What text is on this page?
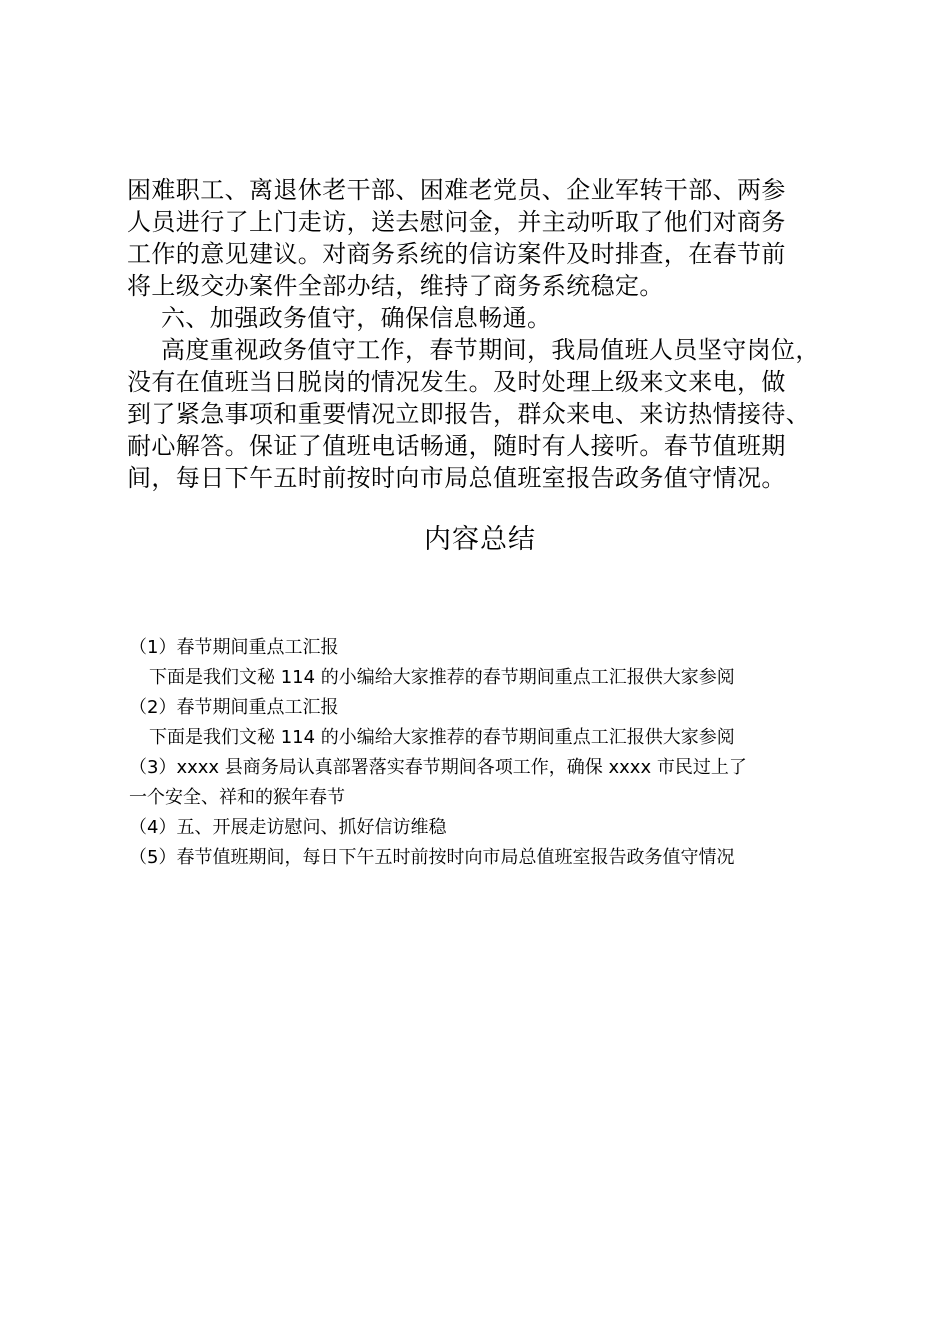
困难职工、离退休老干部、困难老党员、企业军转干部、两参
人员进行了上门走访，送去慰问金，并主动听取了他们对商务
工作的意见建议。对商务系统的信访案件及时排查，在春节前
将上级交办案件全部办结，维持了商务系统稳定。

六、加强政务值守，确保信息畅通。

高度重视政务值守工作，春节期间，我局值班人员坚守岗位，
没有在值班当日脱岗的情况发生。及时处理上级来文来电，做
到了紧急事项和重要情况立即报告，群众来电、来访热情接待、
耐心解答。保证了值班电话畅通，随时有人接听。春节值班期
间，每日下午五时前按时向市局总值班室报告政务值守情况。

内容总结
（1）春节期间重点工汇报
下面是我们文秘 114 的小编给大家推荐的春节期间重点工汇报供大家参阅
（2）春节期间重点工汇报
下面是我们文秘 114 的小编给大家推荐的春节期间重点工汇报供大家参阅
（3）xxxx 县商务局认真部署落实春节期间各项工作，确保 xxxx 市民过上了
一个安全、祥和的猴年春节
（4）五、开展走访慰问、抓好信访维稳
（5）春节值班期间，每日下午五时前按时向市局总值班室报告政务值守情况
